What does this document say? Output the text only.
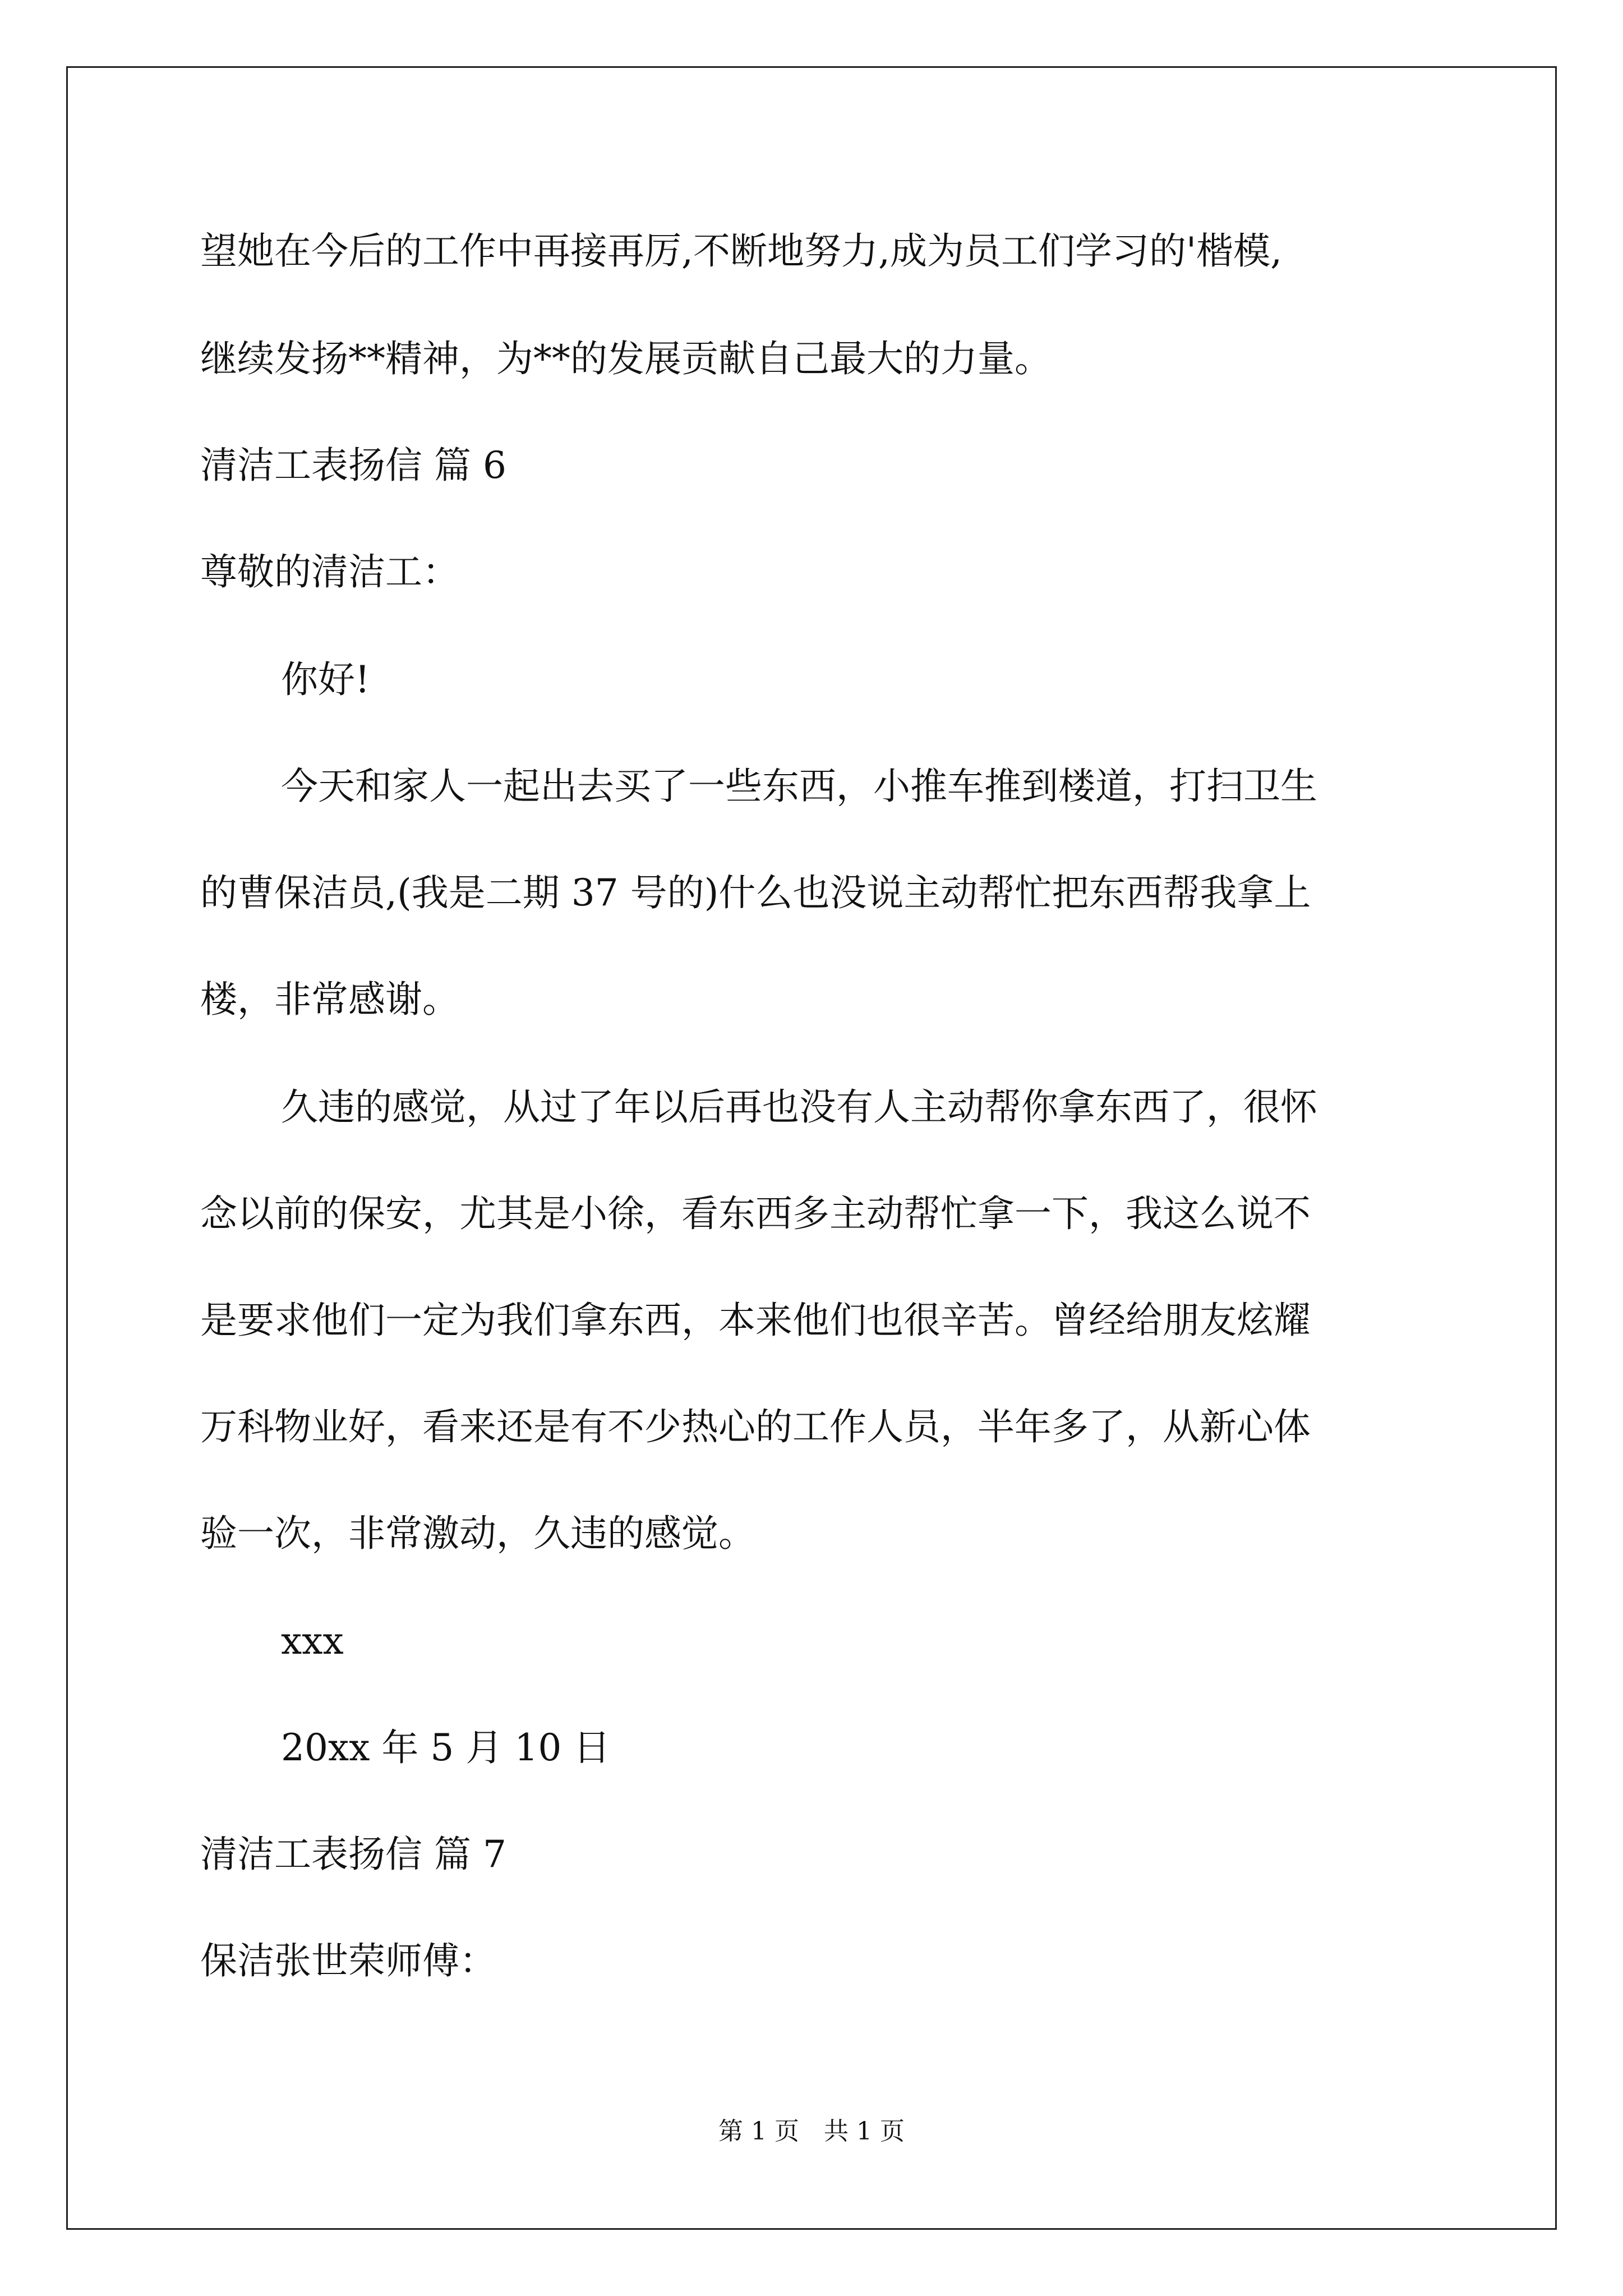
望她在今后的工作中再接再厉,不断地努力,成为员工们学习的'楷模,
继续发扬**精神，为**的发展贡献自己最大的力量。
清洁工表扬信 篇 6
尊敬的清洁工：
你好!
今天和家人一起出去买了一些东西，小推车推到楼道，打扫卫生
的曹保洁员,(我是二期 37 号的)什么也没说主动帮忙把东西帮我拿上
楼，非常感谢。
久违的感觉，从过了年以后再也没有人主动帮你拿东西了，很怀
念以前的保安，尤其是小徐，看东西多主动帮忙拿一下，我这么说不
是要求他们一定为我们拿东西，本来他们也很辛苦。曾经给朋友炫耀
万科物业好，看来还是有不少热心的工作人员，半年多了，从新心体
验一次，非常激动，久违的感觉。
xxx
20xx 年 5 月 10 日
清洁工表扬信 篇 7
保洁张世荣师傅：
第 1 页　共 1 页
